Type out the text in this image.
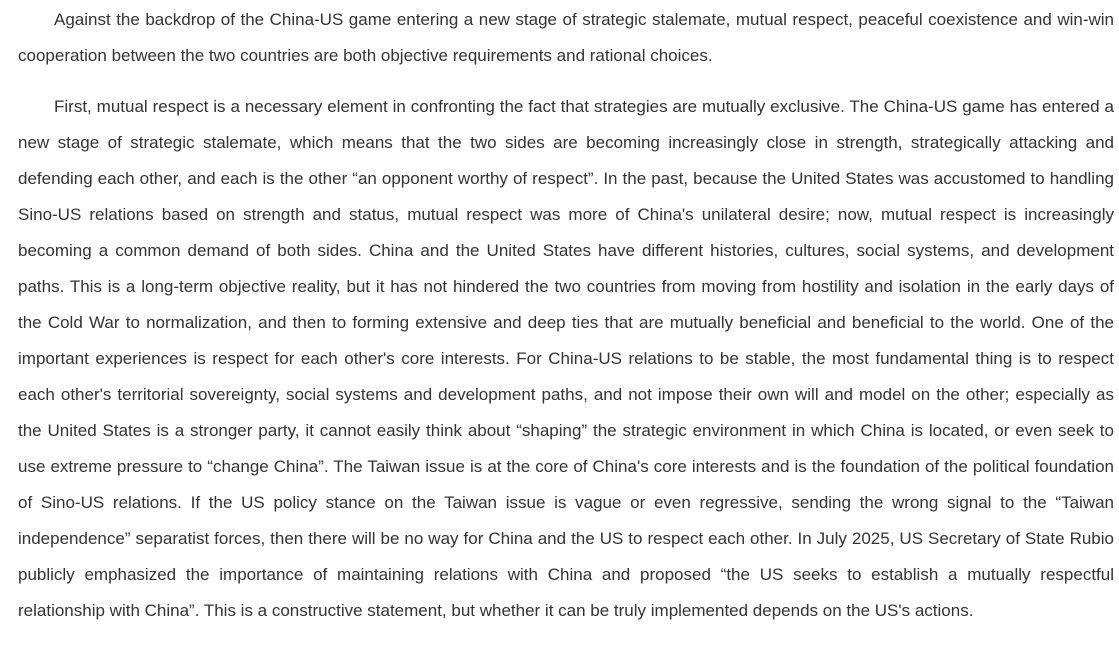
Against the backdrop of the China-US game entering a new stage of strategic stalemate, mutual respect, peaceful coexistence and win-win cooperation between the two countries are both objective requirements and rational choices.

First, mutual respect is a necessary element in confronting the fact that strategies are mutually exclusive. The China-US game has entered a new stage of strategic stalemate, which means that the two sides are becoming increasingly close in strength, strategically attacking and defending each other, and each is the other “an opponent worthy of respect”. In the past, because the United States was accustomed to handling Sino-US relations based on strength and status, mutual respect was more of China's unilateral desire; now, mutual respect is increasingly becoming a common demand of both sides. China and the United States have different histories, cultures, social systems, and development paths. This is a long-term objective reality, but it has not hindered the two countries from moving from hostility and isolation in the early days of the Cold War to normalization, and then to forming extensive and deep ties that are mutually beneficial and beneficial to the world. One of the important experiences is respect for each other's core interests. For China-US relations to be stable, the most fundamental thing is to respect each other's territorial sovereignty, social systems and development paths, and not impose their own will and model on the other; especially as the United States is a stronger party, it cannot easily think about “shaping” the strategic environment in which China is located, or even seek to use extreme pressure to “change China”. The Taiwan issue is at the core of China's core interests and is the foundation of the political foundation of Sino-US relations. If the US policy stance on the Taiwan issue is vague or even regressive, sending the wrong signal to the “Taiwan independence” separatist forces, then there will be no way for China and the US to respect each other. In July 2025, US Secretary of State Rubio publicly emphasized the importance of maintaining relations with China and proposed “the US seeks to establish a mutually respectful relationship with China”. This is a constructive statement, but whether it can be truly implemented depends on the US's actions.
